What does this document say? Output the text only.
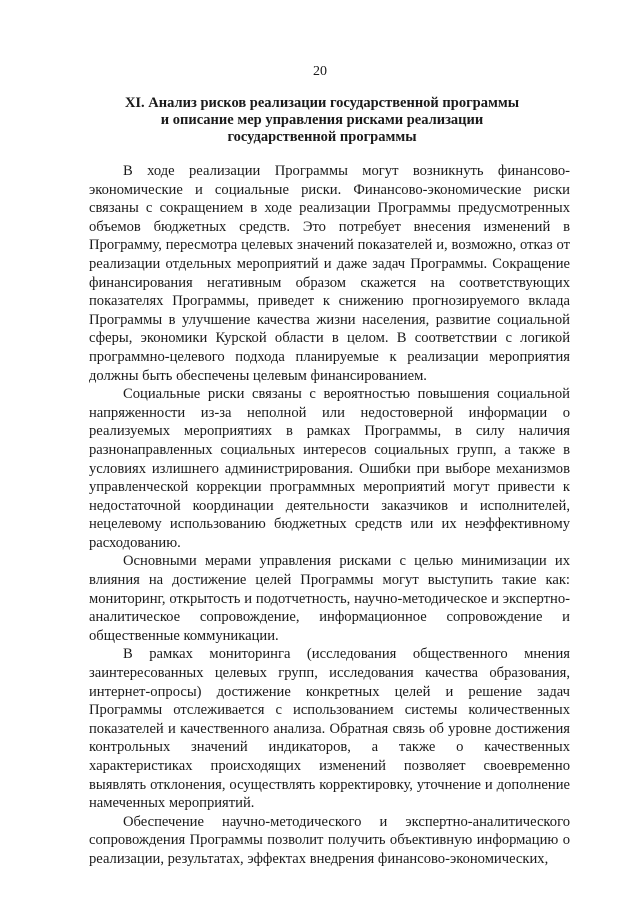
20
XI. Анализ рисков реализации государственной программы
и описание мер управления рисками реализации
государственной программы

В ходе реализации Программы могут возникнуть финансово-экономические и социальные риски. Финансово-экономические риски связаны с сокращением в ходе реализации Программы предусмотренных объемов бюджетных средств. Это потребует внесения изменений в Программу, пересмотра целевых значений показателей и, возможно, отказ от реализации отдельных мероприятий и даже задач Программы. Сокращение финансирования негативным образом скажется на соответствующих показателях Программы, приведет к снижению прогнозируемого вклада Программы в улучшение качества жизни населения, развитие социальной сферы, экономики Курской области в целом. В соответствии с логикой программно-целевого подхода планируемые к реализации мероприятия должны быть обеспечены целевым финансированием.

Социальные риски связаны с вероятностью повышения социальной напряженности из-за неполной или недостоверной информации о реализуемых мероприятиях в рамках Программы, в силу наличия разнонаправленных социальных интересов социальных групп, а также в условиях излишнего администрирования. Ошибки при выборе механизмов управленческой коррекции программных мероприятий могут привести к недостаточной координации деятельности заказчиков и исполнителей, нецелевому использованию бюджетных средств или их неэффективному расходованию.

Основными мерами управления рисками с целью минимизации их влияния на достижение целей Программы могут выступить такие как: мониторинг, открытость и подотчетность, научно-методическое и экспертно-аналитическое сопровождение, информационное сопровождение и общественные коммуникации.

В рамках мониторинга (исследования общественного мнения заинтересованных целевых групп, исследования качества образования, интернет-опросы) достижение конкретных целей и решение задач Программы отслеживается с использованием системы количественных показателей и качественного анализа. Обратная связь об уровне достижения контрольных значений индикаторов, а также о качественных характеристиках происходящих изменений позволяет своевременно выявлять отклонения, осуществлять корректировку, уточнение и дополнение намеченных мероприятий.

Обеспечение научно-методического и экспертно-аналитического сопровождения Программы позволит получить объективную информацию о реализации, результатах, эффектах внедрения финансово-экономических,
